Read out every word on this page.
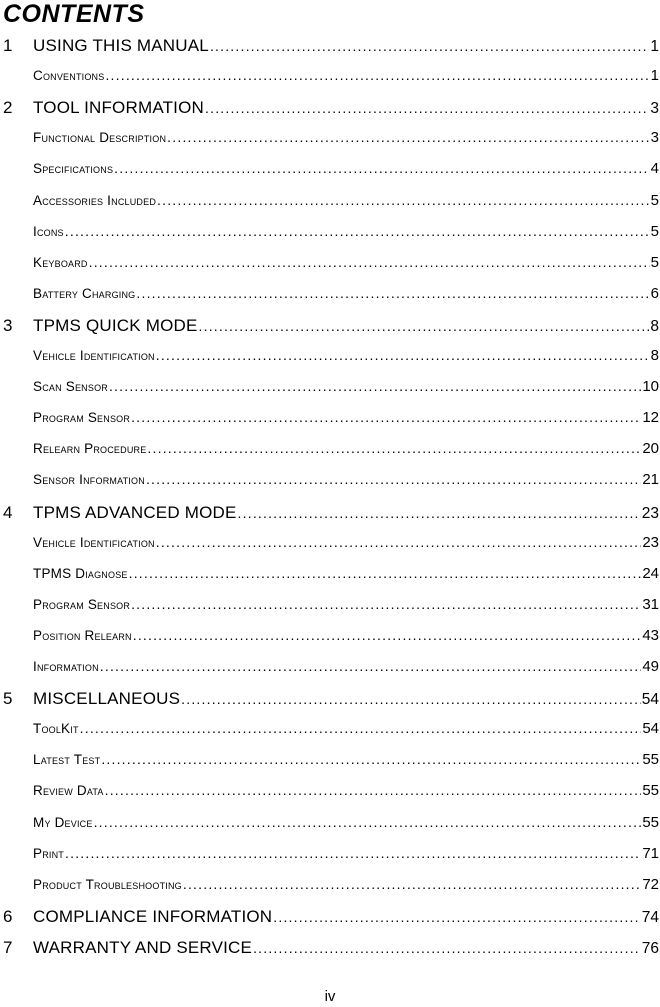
CONTENTS
1	USING THIS MANUAL .....	1
Conventions .....	1
2	TOOL INFORMATION .....	3
Functional Description .....	3
Specifications .....	4
Accessories Included .....	5
Icons .....	5
Keyboard .....	5
Battery Charging .....	6
3	TPMS QUICK MODE .....	8
Vehicle Identification .....	8
Scan Sensor .....	10
Program Sensor .....	12
Relearn Procedure .....	20
Sensor Information .....	21
4	TPMS ADVANCED MODE .....	23
Vehicle Identification .....	23
TPMS Diagnose .....	24
Program Sensor .....	31
Position Relearn .....	43
Information .....	49
5	MISCELLANEOUS .....	54
ToolKit .....	54
Latest Test .....	55
Review Data .....	55
My Device .....	55
Print .....	71
Product Troubleshooting .....	72
6	COMPLIANCE INFORMATION .....	74
7	WARRANTY AND SERVICE .....	76
iv
